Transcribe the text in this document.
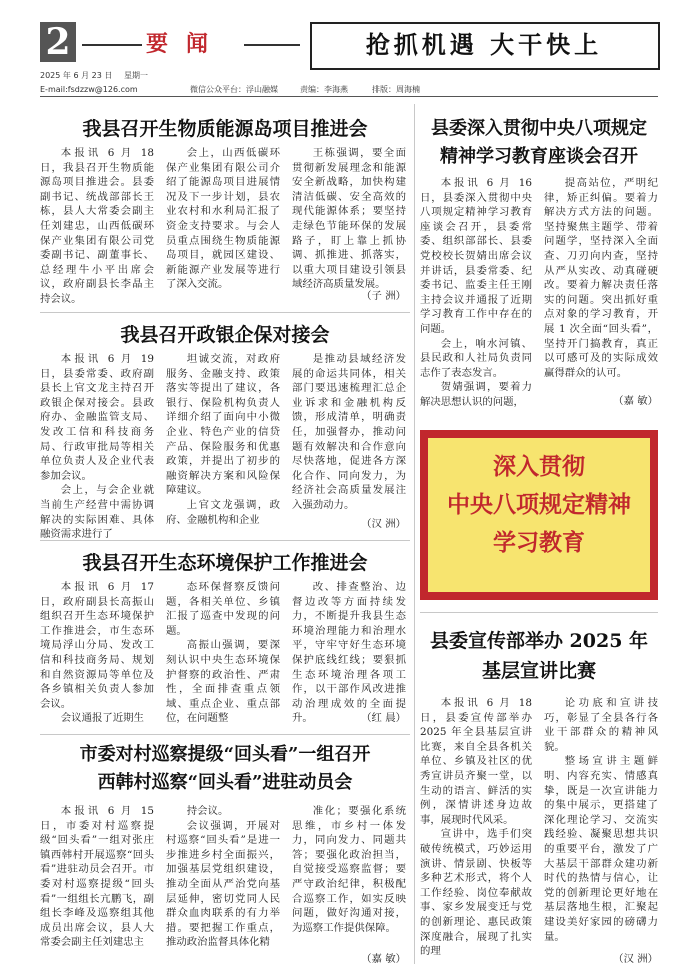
2	要闻	抢抓机遇 大干快上
2025 年 6 月 23 日 星期一
E-mail:fsdzzw@126.com	微信公众平台：浮山融媒	责编：李海燕	排版：周海楠
我县召开生物质能源岛项目推进会

本报讯 6 月 18 日，我县召开生物质能源岛项目推进会。县委副书记、统战部部长王栋，县人大常委会副主任刘建忠，山西低碳环保产业集团有限公司党委副书记、副董事长、总经理牛小平出席会议，政府副县长李晶主持会议。

会上，山西低碳环保产业集团有限公司介绍了能源岛项目进展情况及下一步计划，县农业农村和水利局汇报了资金支持要求。与会人员重点围绕生物质能源岛项目，就园区建设、新能源产业发展等进行了深入交流。

王栋强调，要全面贯彻新发展理念和能源安全新战略，加快构建清洁低碳、安全高效的现代能源体系；要坚持走绿色节能环保的发展路子，盯上靠上抓协调、抓推进、抓落实，以重大项目建设引领县域经济高质量发展。

（子 洲）
我县召开政银企保对接会

本报讯 6 月 19 日，县委常委、政府副县长上官文龙主持召开政银企保对接会。县政府办、金融监管支局、发改工信和科技商务局、行政审批局等相关单位负责人及企业代表参加会议。

会上，与会企业就当前生产经营中需协调解决的实际困难、具体融资需求进行了

坦诚交流，对政府服务、金融支持、政策落实等提出了建议，各银行、保险机构负责人详细介绍了面向中小微企业、特色产业的信贷产品、保险服务和优惠政策，并提出了初步的融资解决方案和风险保障建议。

上官文龙强调，政府、金融机构和企业

是推动县域经济发展的命运共同体，相关部门要迅速梳理汇总企业诉求和金融机构反馈，形成清单，明确责任，加强督办，推动问题有效解决和合作意向尽快落地，促进各方深化合作、同向发力，为经济社会高质量发展注入强劲动力。

（汉 洲）
我县召开生态环境保护工作推进会

本报讯 6 月 17 日，政府副县长高振山组织召开生态环境保护工作推进会，市生态环境局浮山分局、发改工信和科技商务局、规划和自然资源局等单位及各乡镇相关负责人参加会议。

会议通报了近期生

态环保督察反馈问题，各相关单位、乡镇汇报了巡查中发现的问题。

高振山强调，要深刻认识中央生态环境保护督察的政治性、严肃性，全面排查重点领域、重点企业、重点部位，在问题整

改、排查整治、边督边改等方面持续发力，不断提升我县生态环境治理能力和治理水平，守牢守好生态环境保护底线红线；要狠抓生态环境治理各项工作，以干部作风改进推动治理成效的全面提升。	（红 晨）
市委对村巡察提级“回头看”一组召开
西韩村巡察“回头看”进驻动员会

本报讯 6 月 15 日，市委对村巡察提级“回头看”一组对张庄镇西韩村开展巡察“回头看”进驻动员会召开。市委对村巡察提级“回头看”一组组长亢鹏飞，副组长李峰及巡察组其他成员出席会议，县人大常委会副主任刘建忠主

持会议。

会议强调，开展对村巡察“回头看”是进一步推进乡村全面振兴，加强基层党组织建设，推动全面从严治党向基层延伸，密切党同人民群众血肉联系的有力举措。要把握工作重点，推动政治监督具体化精

准化；要强化系统思维，市乡村一体发力，同向发力、同题共答；要强化政治担当，自觉接受巡察监督；要严守政治纪律，积极配合巡察工作，如实反映问题，做好沟通对接，为巡察工作提供保障。

（嘉 敏）
县委深入贯彻中央八项规定
精神学习教育座谈会召开

本报讯 6 月 16 日，县委深入贯彻中央八项规定精神学习教育座谈会召开，县委常委、组织部部长、县委党校校长贺婧出席会议并讲话，县委常委、纪委书记、监委主任王刚主持会议并通报了近期学习教育工作中存在的问题。

会上，响水河镇、县民政和人社局负责同志作了表态发言。

贺婧强调，要着力解决思想认识的问题，

提高站位，严明纪律，矫正纠偏。要着力解决方式方法的问题。坚持聚焦主题学、带着问题学，坚持深入全面查、刀刃向内查，坚持从严从实改、动真碰硬改。要着力解决责任落实的问题。突出抓好重点对象的学习教育，开展 1 次全面“回头看”，坚持开门搞教育，真正以可感可及的实际成效赢得群众的认可。

（嘉 敏）
深入贯彻
中央八项规定精神
学习教育
县委宣传部举办 2025 年
基层宣讲比赛

本报讯 6 月 18 日，县委宣传部举办 2025 年全县基层宣讲比赛，来自全县各机关单位、乡镇及社区的优秀宣讲员齐聚一堂，以生动的语言、鲜活的实例，深情讲述身边故事，展现时代风采。

宣讲中，选手们突破传统模式，巧妙运用演讲、情景剧、快板等多种艺术形式，将个人工作经验、岗位奉献故事、家乡发展变迁与党的创新理论、惠民政策深度融合，展现了扎实的理

论功底和宣讲技巧，彰显了全县各行各业干部群众的精神风貌。

整场宣讲主题鲜明、内容充实、情感真挚，既是一次宣讲能力的集中展示，更搭建了深化理论学习、交流实践经验、凝聚思想共识的重要平台，激发了广大基层干部群众建功新时代的热情与信心，让党的创新理论更好地在基层落地生根，汇聚起建设美好家园的磅礴力量。

（汉 洲）
